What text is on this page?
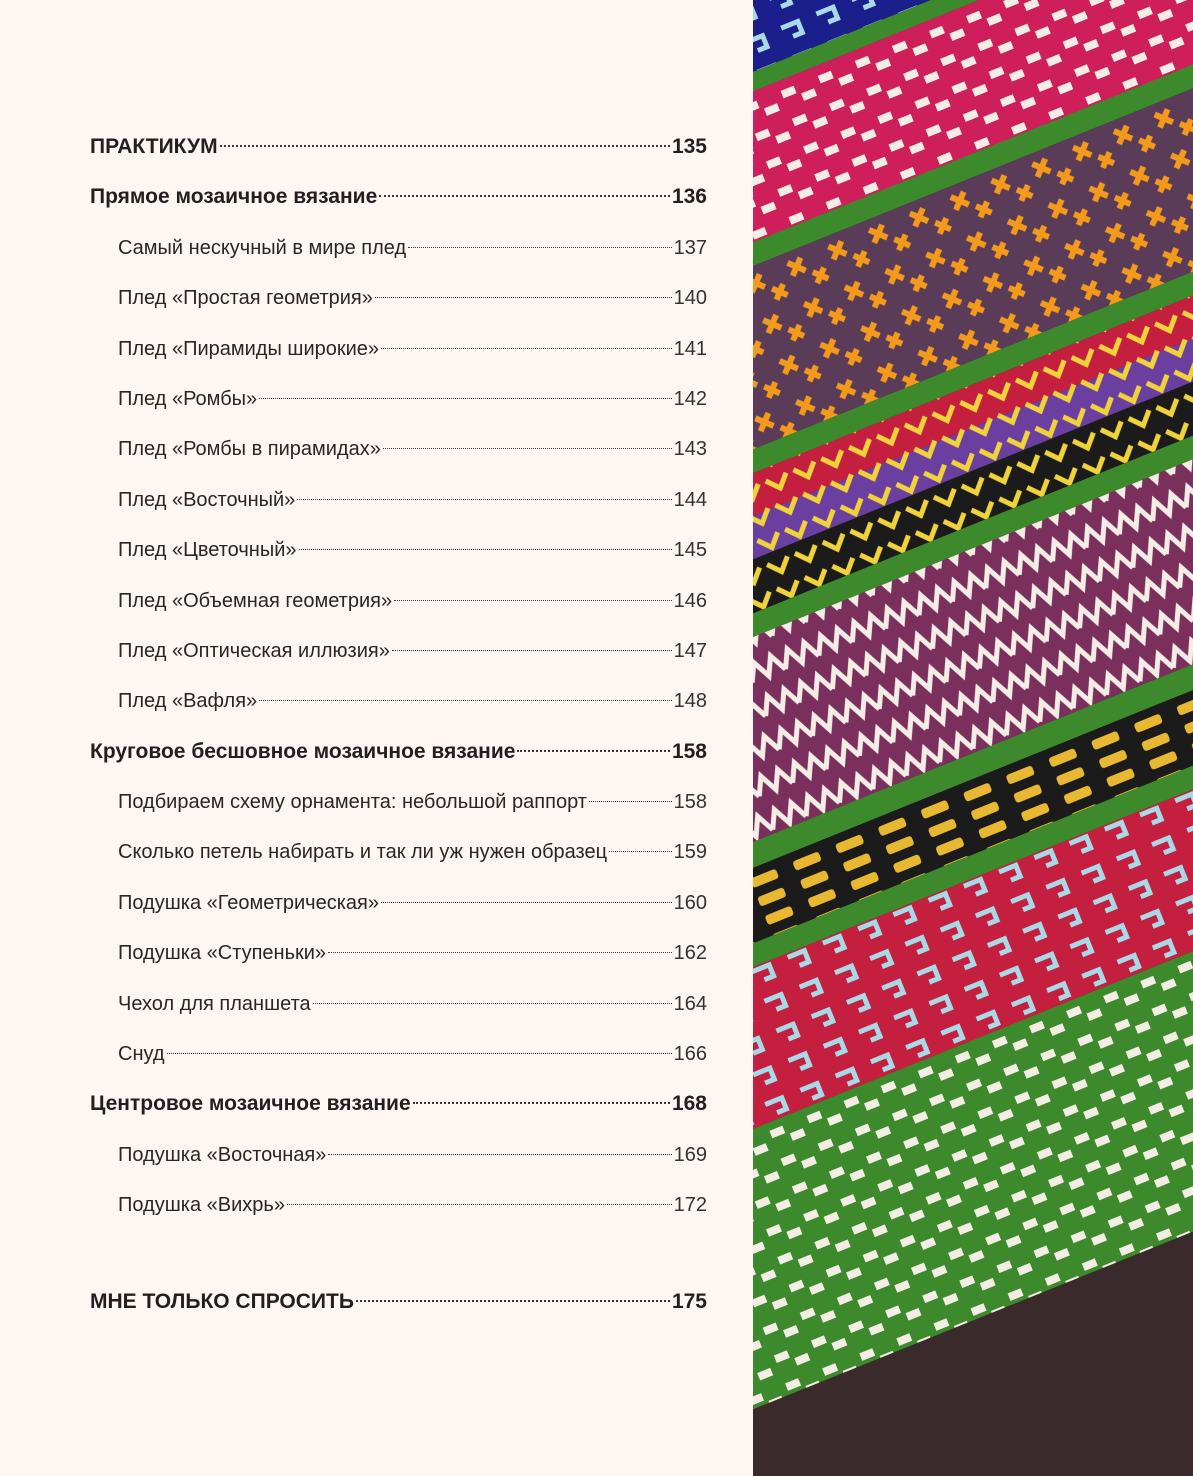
ПРАКТИКУМ	135
Прямое мозаичное вязание	136
Самый нескучный в мире плед	137
Плед «Простая геометрия»	140
Плед «Пирамиды широкие»	141
Плед «Ромбы»	142
Плед «Ромбы в пирамидах»	143
Плед «Восточный»	144
Плед «Цветочный»	145
Плед «Объемная геометрия»	146
Плед «Оптическая иллюзия»	147
Плед «Вафля»	148
Круговое бесшовное мозаичное вязание	158
Подбираем схему орнамента: небольшой раппорт	158
Сколько петель набирать и так ли уж нужен образец	159
Подушка «Геометрическая»	160
Подушка «Ступеньки»	162
Чехол для планшета	164
Снуд	166
Центровое мозаичное вязание	168
Подушка «Восточная»	169
Подушка «Вихрь»	172
МНЕ ТОЛЬКО СПРОСИТЬ	175
